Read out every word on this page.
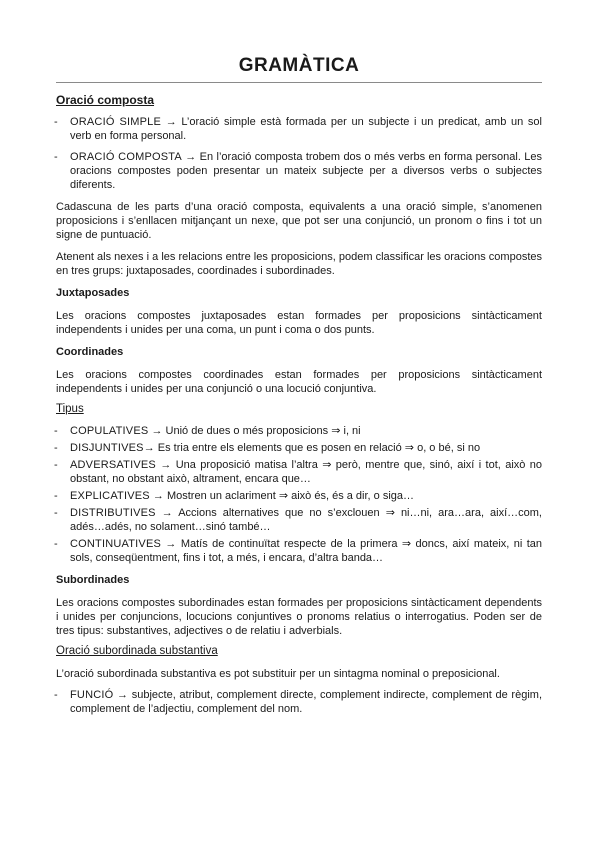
GRAMÀTICA
Oració composta
- ORACIÓ SIMPLE → L’oració simple està formada per un subjecte i un predicat, amb un sol verb en forma personal.
- ORACIÓ COMPOSTA → En l’oració composta trobem dos o més verbs en forma personal. Les oracions compostes poden presentar un mateix subjecte per a diversos verbs o subjectes diferents.

Cadascuna de les parts d’una oració composta, equivalents a una oració simple, s’anomenen proposicions i s’enllacen mitjançant un nexe, que pot ser una conjunció, un pronom o fins i tot un signe de puntuació.

Atenent als nexes i a les relacions entre les proposicions, podem classificar les oracions compostes en tres grups: juxtaposades, coordinades i subordinades.

Juxtaposades

Les oracions compostes juxtaposades estan formades per proposicions sintàcticament independents i unides per una coma, un punt i coma o dos punts.

Coordinades

Les oracions compostes coordinades estan formades per proposicions sintàcticament independents i unides per una conjunció o una locució conjuntiva.

Tipus
- COPULATIVES → Unió de dues o més proposicions ⇒ i, ni
- DISJUNTIVES→ Es tria entre els elements que es posen en relació ⇒ o, o bé, si no
- ADVERSATIVES → Una proposició matisa l’altra ⇒ però, mentre que, sinó, així i tot, això no obstant, no obstant això, altrament, encara que…
- EXPLICATIVES → Mostren un aclariment ⇒ això és, és a dir, o siga…
- DISTRIBUTIVES → Accions alternatives que no s’exclouen ⇒ ni…ni, ara…ara, així…com, adés…adés, no solament…sinó també…
- CONTINUATIVES → Matís de continuïtat respecte de la primera ⇒ doncs, així mateix, ni tan sols, conseqüentment, fins i tot, a més, i encara, d’altra banda…
Subordinades

Les oracions compostes subordinades estan formades per proposicions sintàcticament dependents i unides per conjuncions, locucions conjuntives o pronoms relatius o interrogatius. Poden ser de tres tipus: substantives, adjectives o de relatiu i adverbials.

Oració subordinada substantiva

L’oració subordinada substantiva es pot substituir per un sintagma nominal o preposicional.

- FUNCIÓ → subjecte, atribut, complement directe, complement indirecte, complement de règim, complement de l’adjectiu, complement del nom.
